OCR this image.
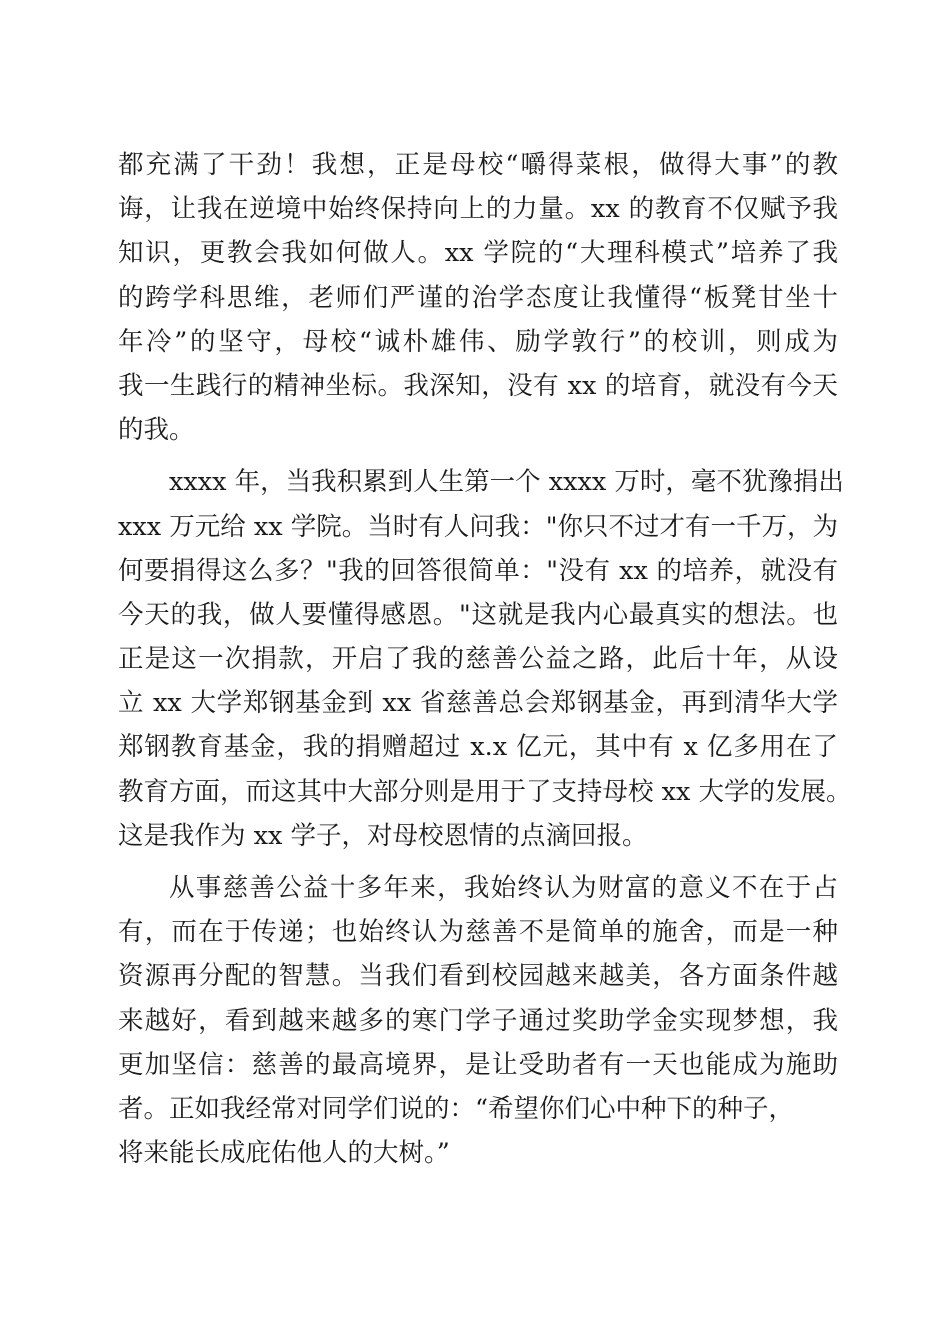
都充满了干劲！我想，正是母校“嚼得菜根，做得大事”的教
诲，让我在逆境中始终保持向上的力量。xx 的教育不仅赋予我
知识，更教会我如何做人。xx 学院的“大理科模式”培养了我
的跨学科思维，老师们严谨的治学态度让我懂得“板凳甘坐十
年冷”的坚守，母校“诚朴雄伟、励学敦行”的校训，则成为
我一生践行的精神坐标。我深知，没有 xx 的培育，就没有今天
的我。
xxxx 年，当我积累到人生第一个 xxxx 万时，毫不犹豫捐出
xxx 万元给 xx 学院。当时有人问我："你只不过才有一千万，为
何要捐得这么多？"我的回答很简单："没有 xx 的培养，就没有
今天的我，做人要懂得感恩。"这就是我内心最真实的想法。也
正是这一次捐款，开启了我的慈善公益之路，此后十年，从设
立 xx 大学郑钢基金到 xx 省慈善总会郑钢基金，再到清华大学
郑钢教育基金，我的捐赠超过 x.x 亿元，其中有 x 亿多用在了
教育方面，而这其中大部分则是用于了支持母校 xx 大学的发展。
这是我作为 xx 学子，对母校恩情的点滴回报。
从事慈善公益十多年来，我始终认为财富的意义不在于占
有，而在于传递；也始终认为慈善不是简单的施舍，而是一种
资源再分配的智慧。当我们看到校园越来越美，各方面条件越
来越好，看到越来越多的寒门学子通过奖助学金实现梦想，我
更加坚信：慈善的最高境界，是让受助者有一天也能成为施助
者。正如我经常对同学们说的：“希望你们心中种下的种子，
将来能长成庇佑他人的大树。”
